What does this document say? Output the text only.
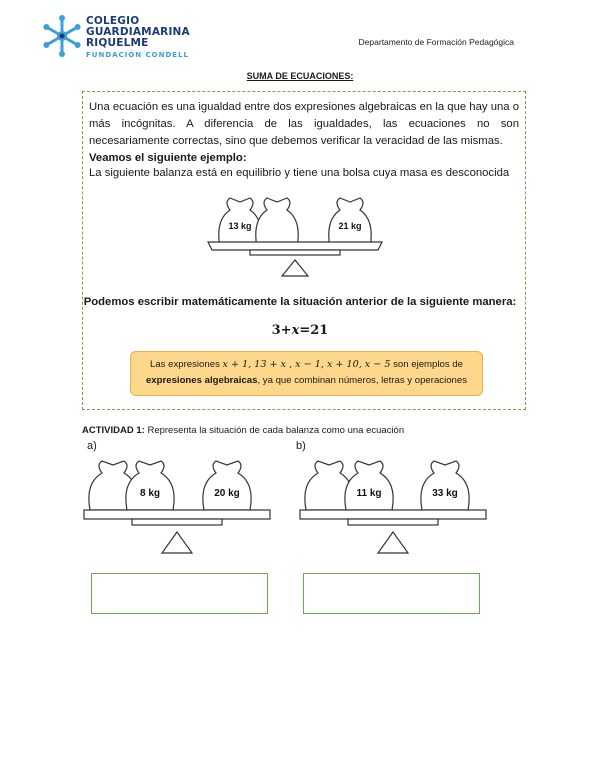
COLEGIO
GUARDIAMARINA
RIQUELME
FUNDACIÓN CONDELL
Departamento de Formación Pedagógica
SUMA DE ECUACIONES:
Una ecuación es una igualdad entre dos expresiones algebraicas en la que hay una o más incógnitas. A diferencia de las igualdades, las ecuaciones no son necesariamente correctas, sino que debemos verificar la veracidad de las mismas.
Veamos el siguiente ejemplo:
La siguiente balanza está en equilibrio y tiene una bolsa cuya masa es desconocida
13 kg	21 kg
Podemos escribir matemáticamente la situación anterior de la siguiente manera:
3+x=21
Las expresiones x + 1, 13 + x , x − 1, x + 10, x − 5 son ejemplos de
expresiones algebraicas, ya que combinan números, letras y operaciones
ACTIVIDAD 1: Representa la situación de cada balanza como una ecuación
a)	b)
8 kg	20 kg	11 kg	33 kg
